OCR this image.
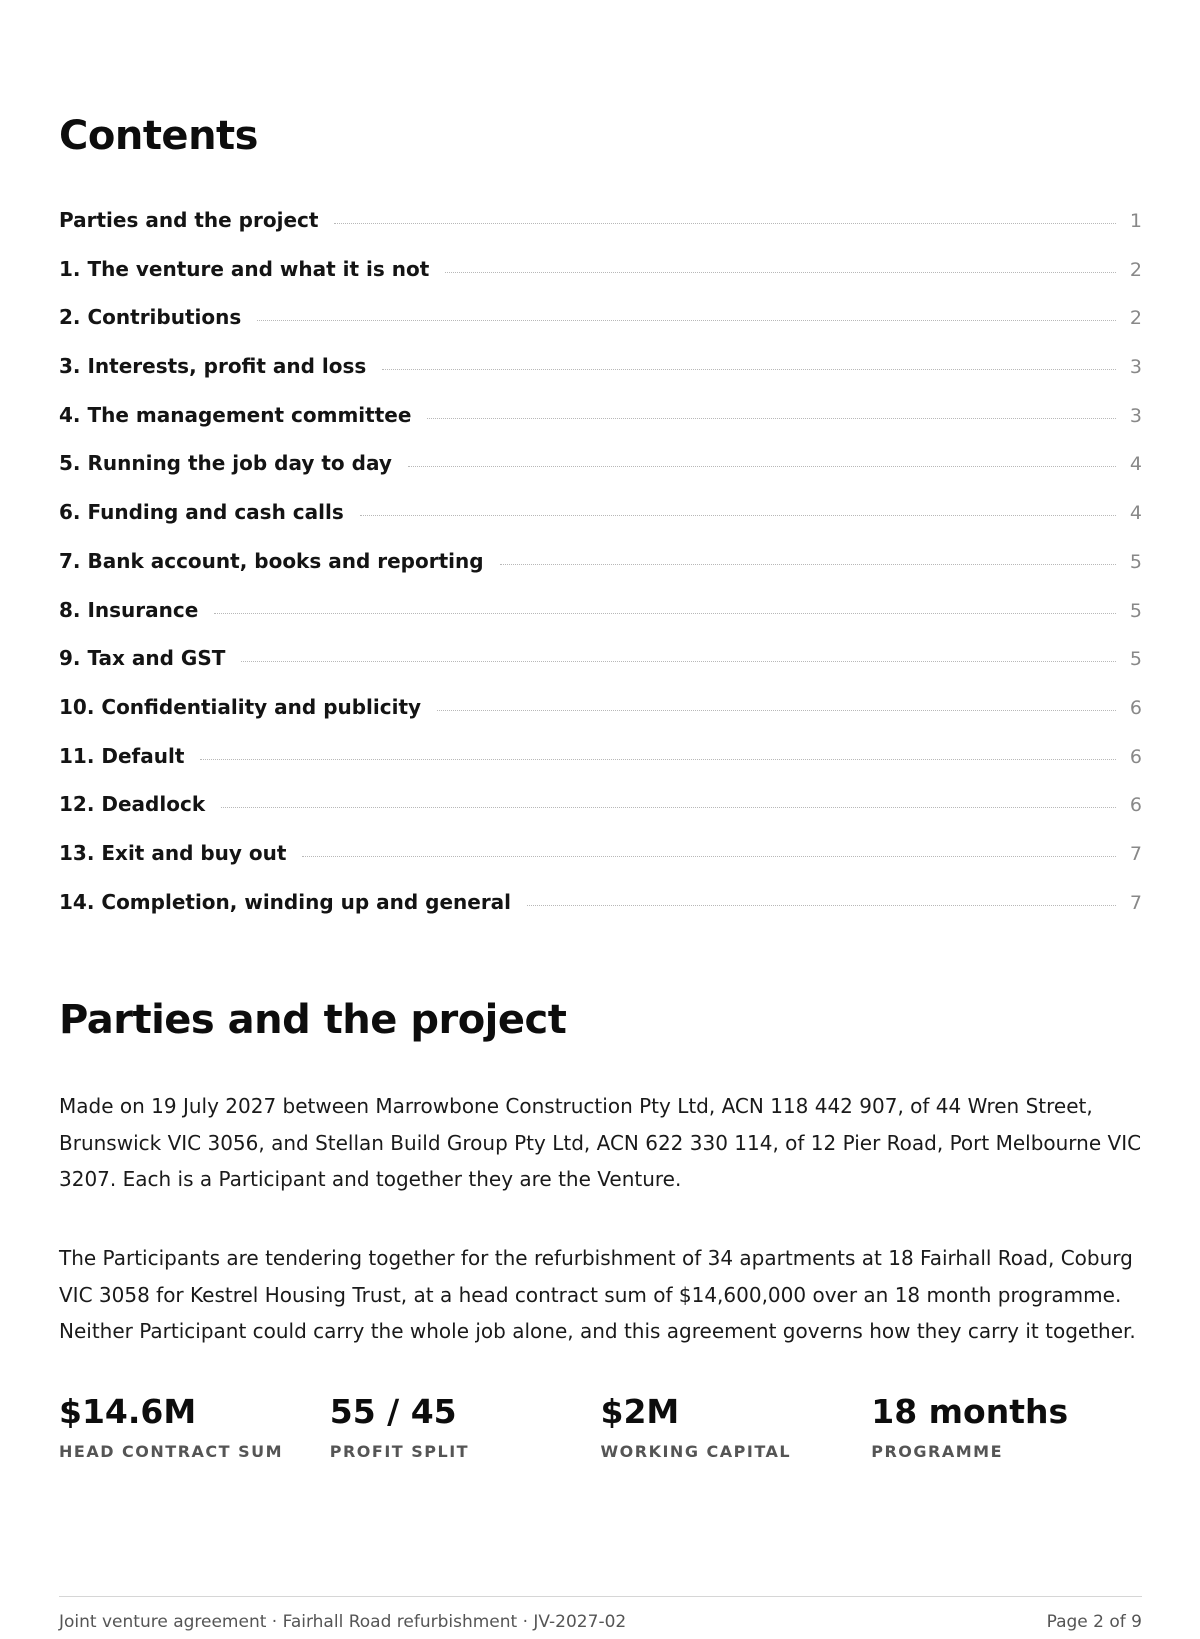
Contents
Parties and the project	1
1. The venture and what it is not	2
2. Contributions	2
3. Interests, profit and loss	3
4. The management committee	3
5. Running the job day to day	4
6. Funding and cash calls	4
7. Bank account, books and reporting	5
8. Insurance	5
9. Tax and GST	5
10. Confidentiality and publicity	6
11. Default	6
12. Deadlock	6
13. Exit and buy out	7
14. Completion, winding up and general	7
Parties and the project

Made on 19 July 2027 between Marrowbone Construction Pty Ltd, ACN 118 442 907, of 44 Wren Street, Brunswick VIC 3056, and Stellan Build Group Pty Ltd, ACN 622 330 114, of 12 Pier Road, Port Melbourne VIC 3207. Each is a Participant and together they are the Venture.

The Participants are tendering together for the refurbishment of 34 apartments at 18 Fairhall Road, Coburg VIC 3058 for Kestrel Housing Trust, at a head contract sum of $14,600,000 over an 18 month programme. Neither Participant could carry the whole job alone, and this agreement governs how they carry it together.

$14.6M
HEAD CONTRACT SUM
55 / 45
PROFIT SPLIT
$2M
WORKING CAPITAL
18 months
PROGRAMME
Joint venture agreement · Fairhall Road refurbishment · JV-2027-02	Page 2 of 9
